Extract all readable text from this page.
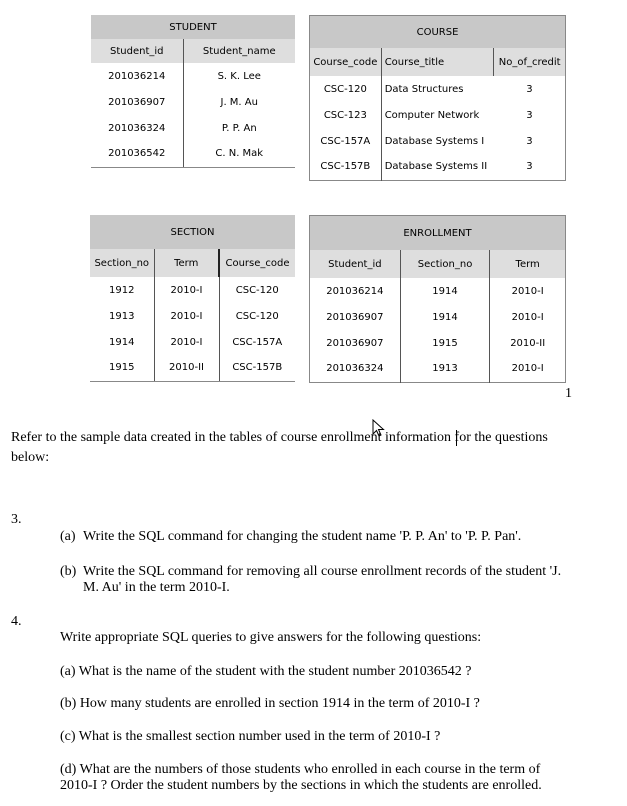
STUDENT	
Student_id	Student_name
201036214	S. K. Lee
201036907	J. M. Au
201036324	P. P. An
201036542	C. N. Mak
COURSE		
Course_code	Course_title	No_of_credit
CSC-120	Data Structures	3
CSC-123	Computer Network	3
CSC-157A	Database Systems I	3
CSC-157B	Database Systems II	3
SECTION		
Section_no	Term	Course_code
1912	2010-I	CSC-120
1913	2010-I	CSC-120
1914	2010-I	CSC-157A
1915	2010-II	CSC-157B
ENROLLMENT		
Student_id	Section_no	Term
201036214	1914	2010-I
201036907	1914	2010-I
201036907	1915	2010-II
201036324	1913	2010-I
1
Refer to the sample data created in the tables of course enrollment information for the questions
below:
3.
(a) Write the SQL command for changing the student name 'P. P. An' to 'P. P. Pan'.
(b) Write the SQL command for removing all course enrollment records of the student 'J.
M. Au' in the term 2010-I.
4.
Write appropriate SQL queries to give answers for the following questions:
(a) What is the name of the student with the student number 201036542 ?
(b) How many students are enrolled in section 1914 in the term of 2010-I ?
(c) What is the smallest section number used in the term of 2010-I ?
(d) What are the numbers of those students who enrolled in each course in the term of
2010-I ? Order the student numbers by the sections in which the students are enrolled.
